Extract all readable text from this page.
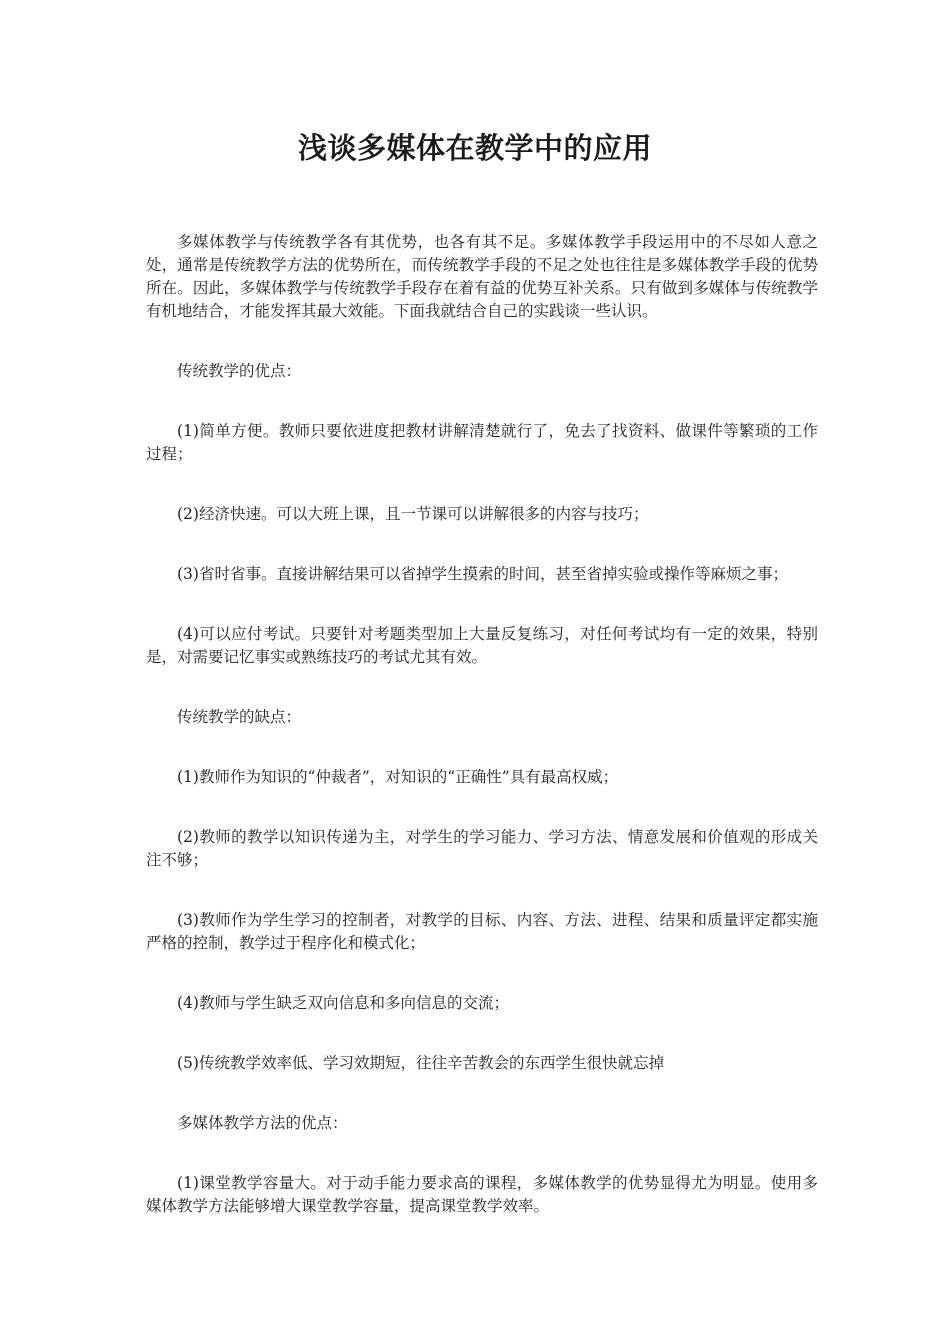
浅谈多媒体在教学中的应用

多媒体教学与传统教学各有其优势，也各有其不足。多媒体教学手段运用中的不尽如人意之处，通常是传统教学方法的优势所在，而传统教学手段的不足之处也往往是多媒体教学手段的优势所在。因此，多媒体教学与传统教学手段存在着有益的优势互补关系。只有做到多媒体与传统教学有机地结合，才能发挥其最大效能。下面我就结合自己的实践谈一些认识。

传统教学的优点：

(1)简单方便。教师只要依进度把教材讲解清楚就行了，免去了找资料、做课件等繁琐的工作过程；

(2)经济快速。可以大班上课，且一节课可以讲解很多的内容与技巧；

(3)省时省事。直接讲解结果可以省掉学生摸索的时间，甚至省掉实验或操作等麻烦之事；

(4)可以应付考试。只要针对考题类型加上大量反复练习，对任何考试均有一定的效果，特别是，对需要记忆事实或熟练技巧的考试尤其有效。

传统教学的缺点：

(1)教师作为知识的“仲裁者”，对知识的“正确性”具有最高权威；

(2)教师的教学以知识传递为主，对学生的学习能力、学习方法、情意发展和价值观的形成关注不够；

(3)教师作为学生学习的控制者，对教学的目标、内容、方法、进程、结果和质量评定都实施严格的控制，教学过于程序化和模式化；

(4)教师与学生缺乏双向信息和多向信息的交流；

(5)传统教学效率低、学习效期短，往往辛苦教会的东西学生很快就忘掉

多媒体教学方法的优点：

(1)课堂教学容量大。对于动手能力要求高的课程，多媒体教学的优势显得尤为明显。使用多媒体教学方法能够增大课堂教学容量，提高课堂教学效率。
